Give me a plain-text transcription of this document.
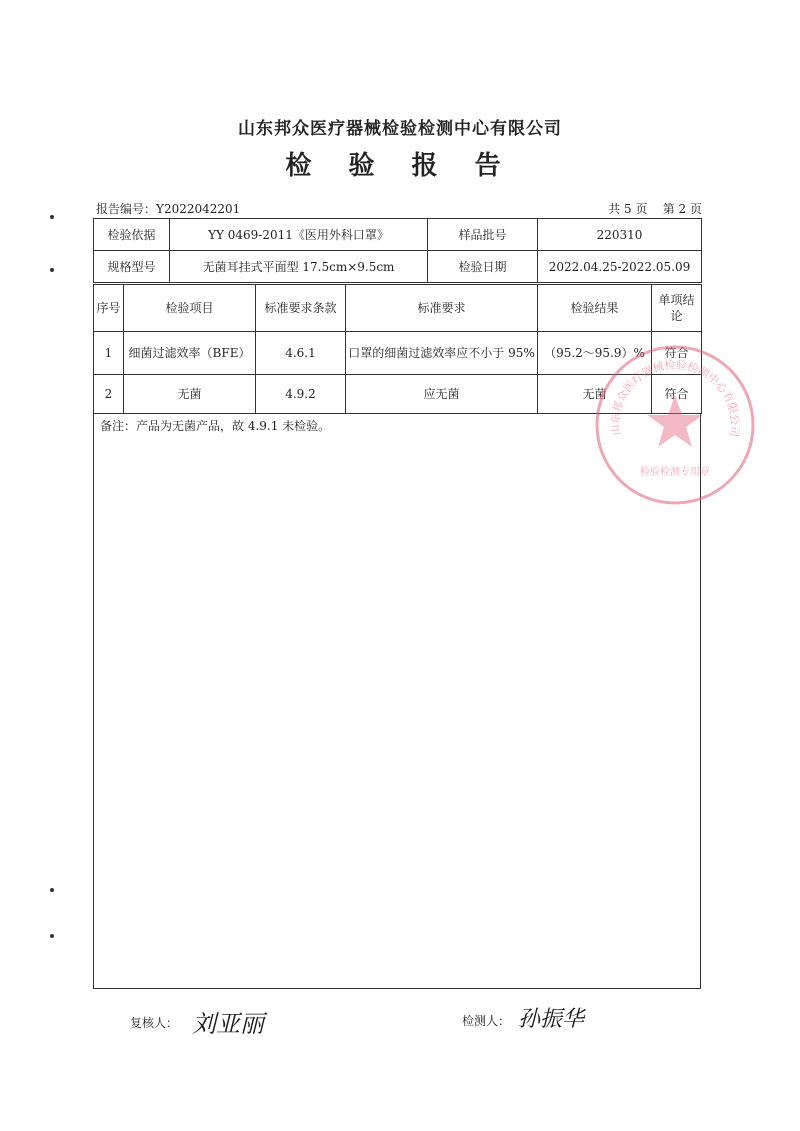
山东邦众医疗器械检验检测中心有限公司
检 验 报 告
报告编号：Y2022042201	共 5 页    第 2 页
检验依据	YY 0469-2011《医用外科口罩》	样品批号	220310
规格型号	无菌耳挂式平面型 17.5cm×9.5cm	检验日期	2022.04.25-2022.05.09
序号	检验项目	标准要求条款	标准要求	检验结果	单项结论
1	细菌过滤效率（BFE）	4.6.1	口罩的细菌过滤效率应不小于 95%	（95.2～95.9）%	符合
2	无菌	4.9.2	应无菌	无菌	符合
备注：产品为无菌产品，故 4.9.1 未检验。	山东邦众医疗器械检验检测中心有限公司
检验检测专用章
复核人： 刘亚丽	检测人： 孙振华
